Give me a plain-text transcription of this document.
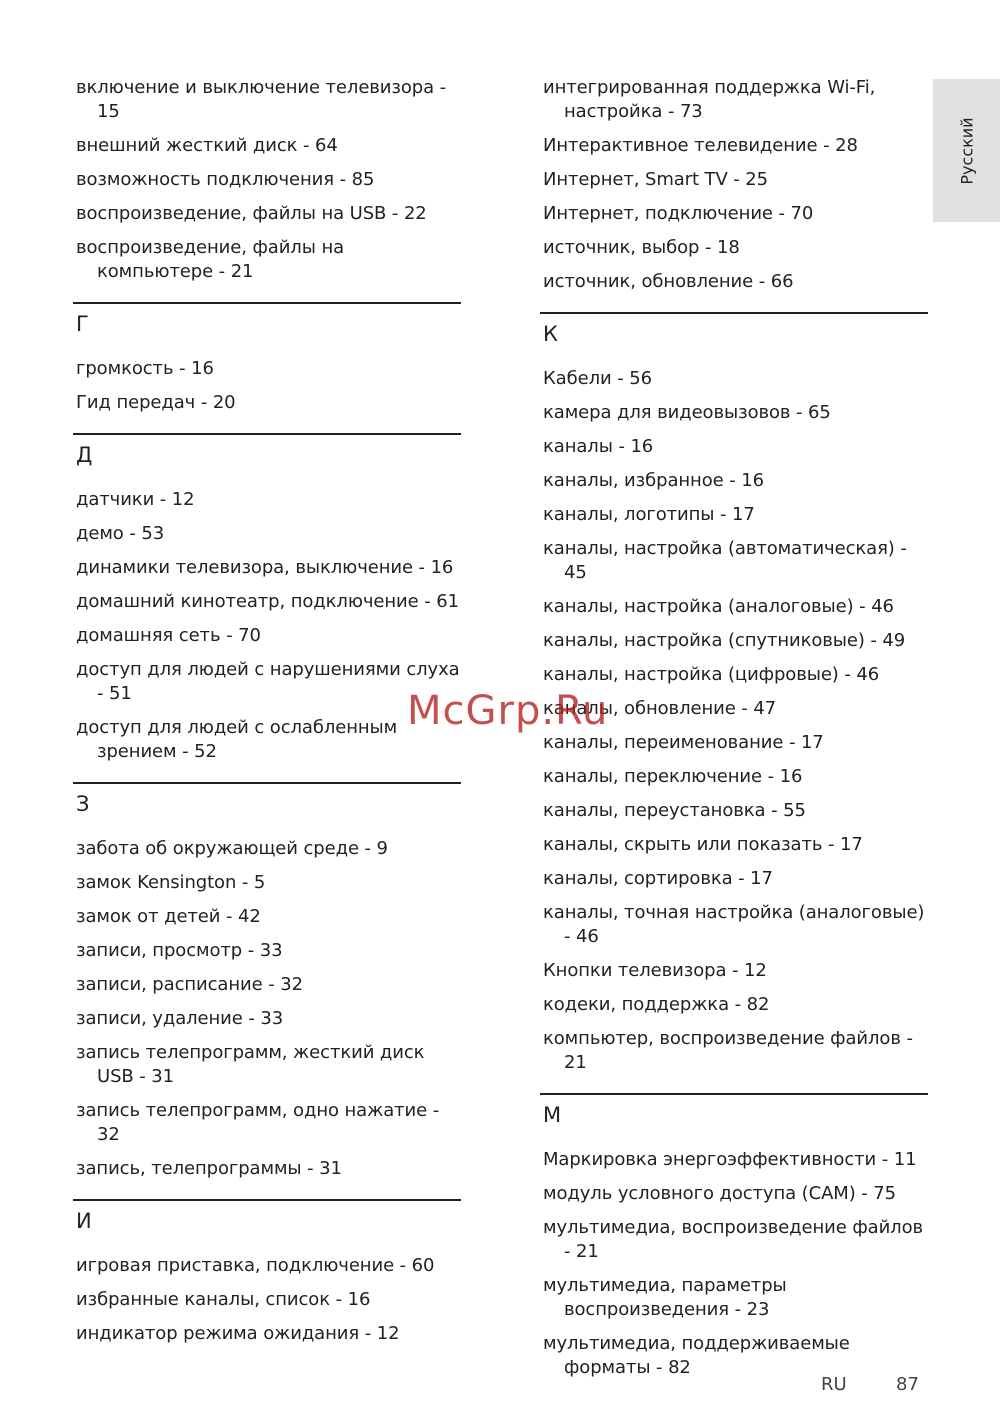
Русский
включение и выключение телевизора - 15
внешний жесткий диск - 64
возможность подключения - 85
воспроизведение, файлы на USB - 22
воспроизведение, файлы на компьютере - 21
Г
громкость - 16
Гид передач - 20
Д
датчики - 12
демо - 53
динамики телевизора, выключение - 16
домашний кинотеатр, подключение - 61
домашняя сеть - 70
доступ для людей с нарушениями слуха - 51
доступ для людей с ослабленным зрением - 52
З
забота об окружающей среде - 9
замок Kensington - 5
замок от детей - 42
записи, просмотр - 33
записи, расписание - 32
записи, удаление - 33
запись телепрограмм, жесткий диск USB - 31
запись телепрограмм, одно нажатие - 32
запись, телепрограммы - 31
И
игровая приставка, подключение - 60
избранные каналы, список - 16
индикатор режима ожидания - 12
интегрированная поддержка Wi-Fi, настройка - 73
Интерактивное телевидение - 28
Интернет, Smart TV - 25
Интернет, подключение - 70
источник, выбор - 18
источник, обновление - 66
К
Кабели - 56
камера для видеовызовов - 65
каналы - 16
каналы, избранное - 16
каналы, логотипы - 17
каналы, настройка (автоматическая) - 45
каналы, настройка (аналоговые) - 46
каналы, настройка (спутниковые) - 49
каналы, настройка (цифровые) - 46
каналы, обновление - 47
каналы, переименование - 17
каналы, переключение - 16
каналы, переустановка - 55
каналы, скрыть или показать - 17
каналы, сортировка - 17
каналы, точная настройка (аналоговые) - 46
Кнопки телевизора - 12
кодеки, поддержка - 82
компьютер, воспроизведение файлов - 21
М
Маркировка энергоэффективности - 11
модуль условного доступа (CAM) - 75
мультимедиа, воспроизведение файлов - 21
мультимедиа, параметры воспроизведения - 23
мультимедиа, поддерживаемые форматы - 82
RU	87
McGrp.Ru
